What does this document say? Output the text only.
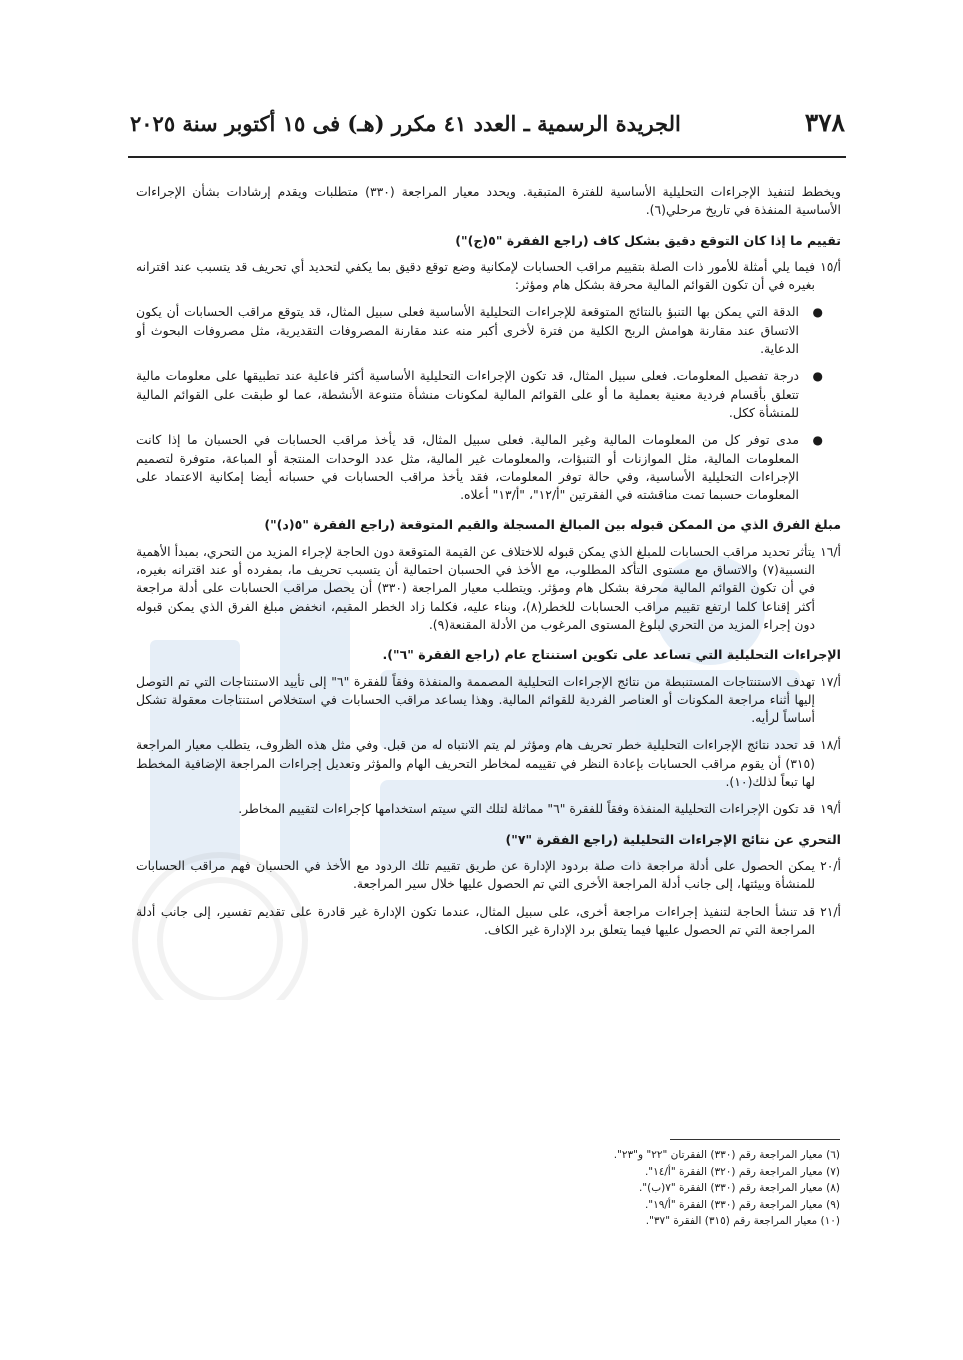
٣٧٨
الجريدة الرسمية ـ العدد ٤١ مكرر (هـ) فى ١٥ أكتوبر سنة ٢٠٢٥

ويخطط لتنفيذ الإجراءات التحليلية الأساسية للفترة المتبقية. ويحدد معيار المراجعة (٣٣٠) متطلبات ويقدم إرشادات بشأن الإجراءات الأساسية المنفذة في تاريخ مرحلي(٦).

تقييم ما إذا كان التوقع دقيق بشكل كاف (راجع الفقرة "٥(ج)")
أ/١٥
فيما يلي أمثلة للأمور ذات الصلة بتقييم مراقب الحسابات لإمكانية وضع توقع دقيق بما يكفي لتحديد أي تحريف قد يتسبب عند اقترانه بغيره في أن تكون القوائم المالية محرفة بشكل هام ومؤثر:
●
الدقة التي يمكن بها التنبؤ بالنتائج المتوقعة للإجراءات التحليلية الأساسية فعلى سبيل المثال، قد يتوقع مراقب الحسابات أن يكون الاتساق عند مقارنة هوامش الربح الكلية من فترة لأخرى أكبر منه عند مقارنة المصروفات التقديرية، مثل مصروفات البحوث أو الدعاية.
●
درجة تفصيل المعلومات. فعلى سبيل المثال، قد تكون الإجراءات التحليلية الأساسية أكثر فاعلية عند تطبيقها على معلومات مالية تتعلق بأقسام فردية معنية بعملية ما أو على القوائم المالية لمكونات منشأة متنوعة الأنشطة، عما لو طبقت على القوائم المالية للمنشأة ككل.
●
مدى توفر كل من المعلومات المالية وغير المالية. فعلى سبيل المثال، قد يأخذ مراقب الحسابات في الحسبان ما إذا كانت المعلومات المالية، مثل الموازنات أو التنبؤات، والمعلومات غير المالية، مثل عدد الوحدات المنتجة أو المباعة، متوفرة لتصميم الإجراءات التحليلية الأساسية، وفي حالة توفر المعلومات، فقد يأخذ مراقب الحسابات في حسبانه أيضا إمكانية الاعتماد على المعلومات حسبما تمت مناقشته في الفقرتين "أ/١٢"، "أ/١٣" أعلاه.
مبلغ الفرق الذي من الممكن قبوله بين المبالغ المسجلة والقيم المتوقعة (راجع الفقرة "٥(د)")
أ/١٦
يتأثر تحديد مراقب الحسابات للمبلغ الذي يمكن قبوله للاختلاف عن القيمة المتوقعة دون الحاجة لإجراء المزيد من التحري، بمبدأ الأهمية النسبية(٧) والاتساق مع مستوى التأكد المطلوب، مع الأخذ في الحسبان احتمالية أن يتسبب تحريف ما، بمفرده أو عند اقترانه بغيره، في أن تكون القوائم المالية محرفة بشكل هام ومؤثر. ويتطلب معيار المراجعة (٣٣٠) أن يحصل مراقب الحسابات على أدلة مراجعة أكثر إقناعا كلما ارتفع تقييم مراقب الحسابات للخطر(٨)، وبناء عليه، فكلما زاد الخطر المقيم، انخفض مبلغ الفرق الذي يمكن قبوله دون إجراء المزيد من التحري لبلوغ المستوى المرغوب من الأدلة المقنعة(٩).
الإجراءات التحليلية التي تساعد على تكوين استنتاج عام (راجع الفقرة "٦").
أ/١٧
تهدف الاستنتاجات المستنبطة من نتائج الإجراءات التحليلية المصممة والمنفذة وفقاً للفقرة "٦" إلى تأييد الاستنتاجات التي تم التوصل إليها أثناء مراجعة المكونات أو العناصر الفردية للقوائم المالية. وهذا يساعد مراقب الحسابات في استخلاص استنتاجات معقولة تشكل أساساً لرأيه.
أ/١٨
قد تحدد نتائج الإجراءات التحليلية خطر تحريف هام ومؤثر لم يتم الانتباه له من قبل. وفي مثل هذه الظروف، يتطلب معيار المراجعة (٣١٥) أن يقوم مراقب الحسابات بإعادة النظر في تقييمه لمخاطر التحريف الهام والمؤثر وتعديل إجراءات المراجعة الإضافية المخطط لها تبعاً لذلك(١٠).
أ/١٩
قد تكون الإجراءات التحليلية المنفذة وفقاً للفقرة "٦" مماثلة لتلك التي سيتم استخدامها كإجراءات لتقييم المخاطر.
التحري عن نتائج الإجراءات التحليلية (راجع الفقرة "٧")
أ/٢٠
يمكن الحصول على أدلة مراجعة ذات صلة بردود الإدارة عن طريق تقييم تلك الردود مع الأخذ في الحسبان فهم مراقب الحسابات للمنشأة وبيئتها، إلى جانب أدلة المراجعة الأخرى التي تم الحصول عليها خلال سير المراجعة.
أ/٢١
قد تنشأ الحاجة لتنفيذ إجراءات مراجعة أخرى، على سبيل المثال، عندما تكون الإدارة غير قادرة على تقديم تفسير، إلى جانب أدلة المراجعة التي تم الحصول عليها فيما يتعلق برد الإدارة غير الكاف.
(٦) معيار المراجعة رقم (٣٣٠) الفقرتان "٢٢" و"٢٣".
(٧) معيار المراجعة رقم (٣٢٠) الفقرة "أ/١٤".
(٨) معيار المراجعة رقم (٣٣٠) الفقرة "٧(ب)".
(٩) معيار المراجعة رقم (٣٣٠) الفقرة "أ/١٩".
(١٠) معيار المراجعة رقم (٣١٥) الفقرة "٣٧".
